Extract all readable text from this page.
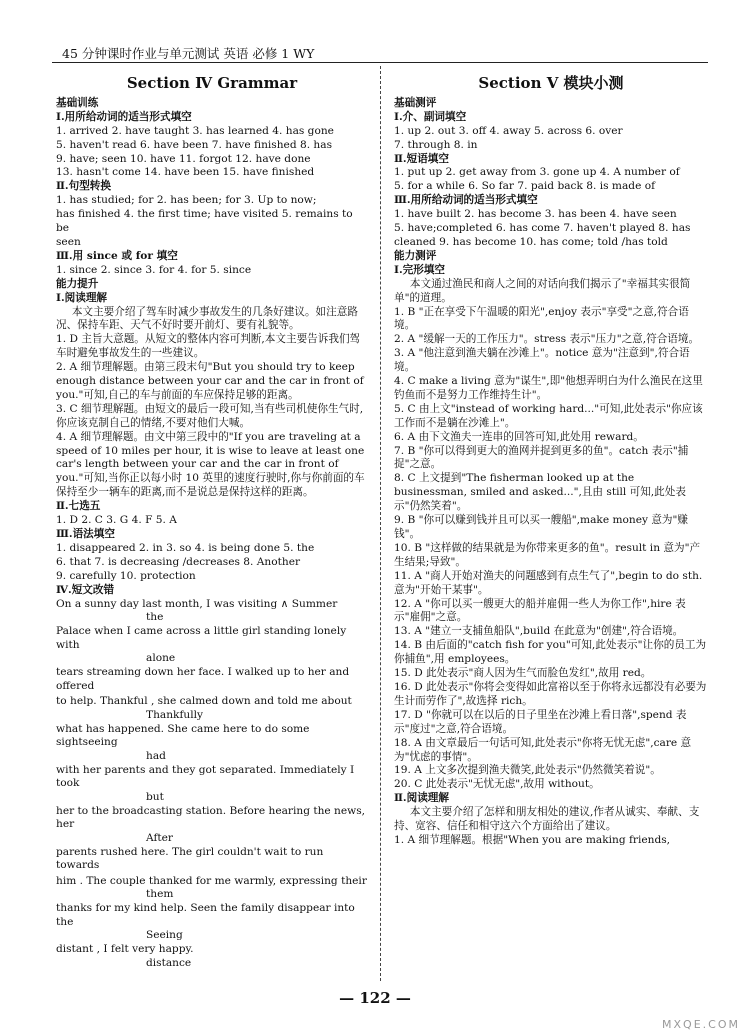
45 分钟课时作业与单元测试 英语 必修 1 WY
Section Ⅳ Grammar

基础训练

Ⅰ.用所给动词的适当形式填空

1. arrived 2. have taught 3. has learned 4. has gone

5. haven't read 6. have been 7. have finished 8. has

9. have; seen 10. have 11. forgot 12. have done

13. hasn't come 14. have been 15. have finished

Ⅱ.句型转换

1. has studied; for 2. has been; for 3. Up to now;

has finished 4. the first time; have visited 5. remains to be

seen

Ⅲ.用 since 或 for 填空

1. since 2. since 3. for 4. for 5. since

能力提升

Ⅰ.阅读理解

本文主要介绍了驾车时减少事故发生的几条好建议。如注意路况、保持车距、天气不好时要开前灯、要有礼貌等。

1. D 主旨大意题。从短文的整体内容可判断,本文主要告诉我们驾车时避免事故发生的一些建议。

2. A 细节理解题。由第三段末句"But you should try to keep enough distance between your car and the car in front of you."可知,自己的车与前面的车应保持足够的距离。

3. C 细节理解题。由短文的最后一段可知,当有些司机使你生气时,你应该克制自己的情绪,不要对他们大喊。

4. A 细节理解题。由文中第三段中的"If you are traveling at a speed of 10 miles per hour, it is wise to leave at least one car's length between your car and the car in front of you."可知,当你正以每小时 10 英里的速度行驶时,你与你前面的车保持至少一辆车的距离,而不是说总是保持这样的距离。

Ⅱ.七选五

1. D 2. C 3. G 4. F 5. A

Ⅲ.语法填空

1. disappeared 2. in 3. so 4. is being done 5. the

6. that 7. is decreasing /decreases 8. Another

9. carefully 10. protection

Ⅳ.短文改错

On a sunny day last month, I was visiting ∧ Summer

the

Palace when I came across a little girl standing lonely with

alone

tears streaming down her face. I walked up to her and offered

to help. Thankful , she calmed down and told me about

Thankfully

what has happened. She came here to do some sightseeing

had

with her parents and they got separated. Immediately I took

but

her to the broadcasting station. Before hearing the news, her

After

parents rushed here. The girl couldn't wait to run towards

him . The couple thanked for me warmly, expressing their

them

thanks for my kind help. Seen the family disappear into the

Seeing

distant , I felt very happy.

distance

Section V 模块小测

基础测评

Ⅰ.介、副词填空

1. up 2. out 3. off 4. away 5. across 6. over

7. through 8. in

Ⅱ.短语填空

1. put up 2. get away from 3. gone up 4. A number of

5. for a while 6. So far 7. paid back 8. is made of

Ⅲ.用所给动词的适当形式填空

1. have built 2. has become 3. has been 4. have seen

5. have;completed 6. has come 7. haven't played 8. has

cleaned 9. has become 10. has come; told /has told

能力测评

Ⅰ.完形填空

本文通过渔民和商人之间的对话向我们揭示了"幸福其实很简单"的道理。

1. B "正在享受下午温暖的阳光",enjoy 表示"享受"之意,符合语境。

2. A "缓解一天的工作压力"。stress 表示"压力"之意,符合语境。

3. A "他注意到渔夫躺在沙滩上"。notice 意为"注意到",符合语境。

4. C make a living 意为"谋生",即"他想弄明白为什么渔民在这里钓鱼而不是努力工作维持生计"。

5. C 由上文"instead of working hard..."可知,此处表示"你应该工作而不是躺在沙滩上"。

6. A 由下文渔夫一连串的回答可知,此处用 reward。

7. B "你可以得到更大的渔网并捉到更多的鱼"。catch 表示"捕捉"之意。

8. C 上文提到"The fisherman looked up at the businessman, smiled and asked...",且由 still 可知,此处表示"仍然笑着"。

9. B "你可以赚到钱并且可以买一艘船",make money 意为"赚钱"。

10. B "这样做的结果就是为你带来更多的鱼"。result in 意为"产生结果;导致"。

11. A "商人开始对渔夫的问题感到有点生气了",begin to do sth. 意为"开始干某事"。

12. A "你可以买一艘更大的船并雇佣一些人为你工作",hire 表示"雇佣"之意。

13. A "建立一支捕鱼船队",build 在此意为"创建",符合语境。

14. B 由后面的"catch fish for you"可知,此处表示"让你的员工为你捕鱼",用 employees。

15. D 此处表示"商人因为生气而脸色发红",故用 red。

16. D 此处表示"你将会变得如此富裕以至于你将永远都没有必要为生计而劳作了",故选择 rich。

17. D "你就可以在以后的日子里坐在沙滩上看日落",spend 表示"度过"之意,符合语境。

18. A 由文章最后一句话可知,此处表示"你将无忧无虑",care 意为"忧虑的事情"。

19. A 上文多次提到渔夫微笑,此处表示"仍然微笑着说"。

20. C 此处表示"无忧无虑",故用 without。

Ⅱ.阅读理解

本文主要介绍了怎样和朋友相处的建议,作者从诚实、奉献、支持、宽容、信任和相守这六个方面给出了建议。

1. A 细节理解题。根据"When you are making friends,

— 122 —
MXQE.COM
